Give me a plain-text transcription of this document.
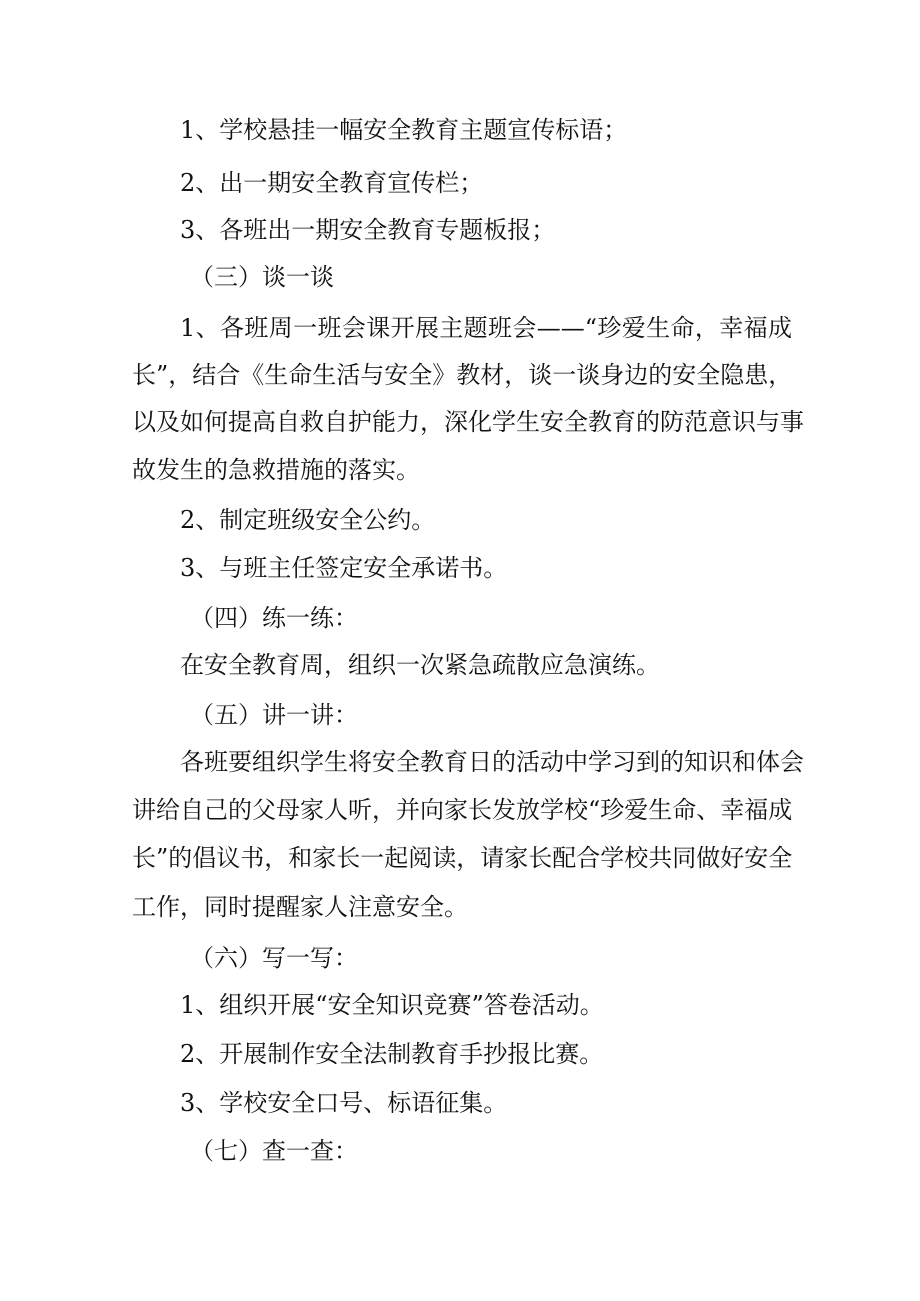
1、学校悬挂一幅安全教育主题宣传标语；

2、出一期安全教育宣传栏；

3、各班出一期安全教育专题板报；

（三）谈一谈

1、各班周一班会课开展主题班会——“珍爱生命，幸福成

长”，结合《生命生活与安全》教材，谈一谈身边的安全隐患，

以及如何提高自救自护能力，深化学生安全教育的防范意识与事

故发生的急救措施的落实。

2、制定班级安全公约。

3、与班主任签定安全承诺书。

（四）练一练：

在安全教育周，组织一次紧急疏散应急演练。

（五）讲一讲：

各班要组织学生将安全教育日的活动中学习到的知识和体会

讲给自己的父母家人听，并向家长发放学校“珍爱生命、幸福成

长”的倡议书，和家长一起阅读，请家长配合学校共同做好安全

工作，同时提醒家人注意安全。

（六）写一写：

1、组织开展“安全知识竞赛”答卷活动。

2、开展制作安全法制教育手抄报比赛。

3、学校安全口号、标语征集。

（七）查一查：
